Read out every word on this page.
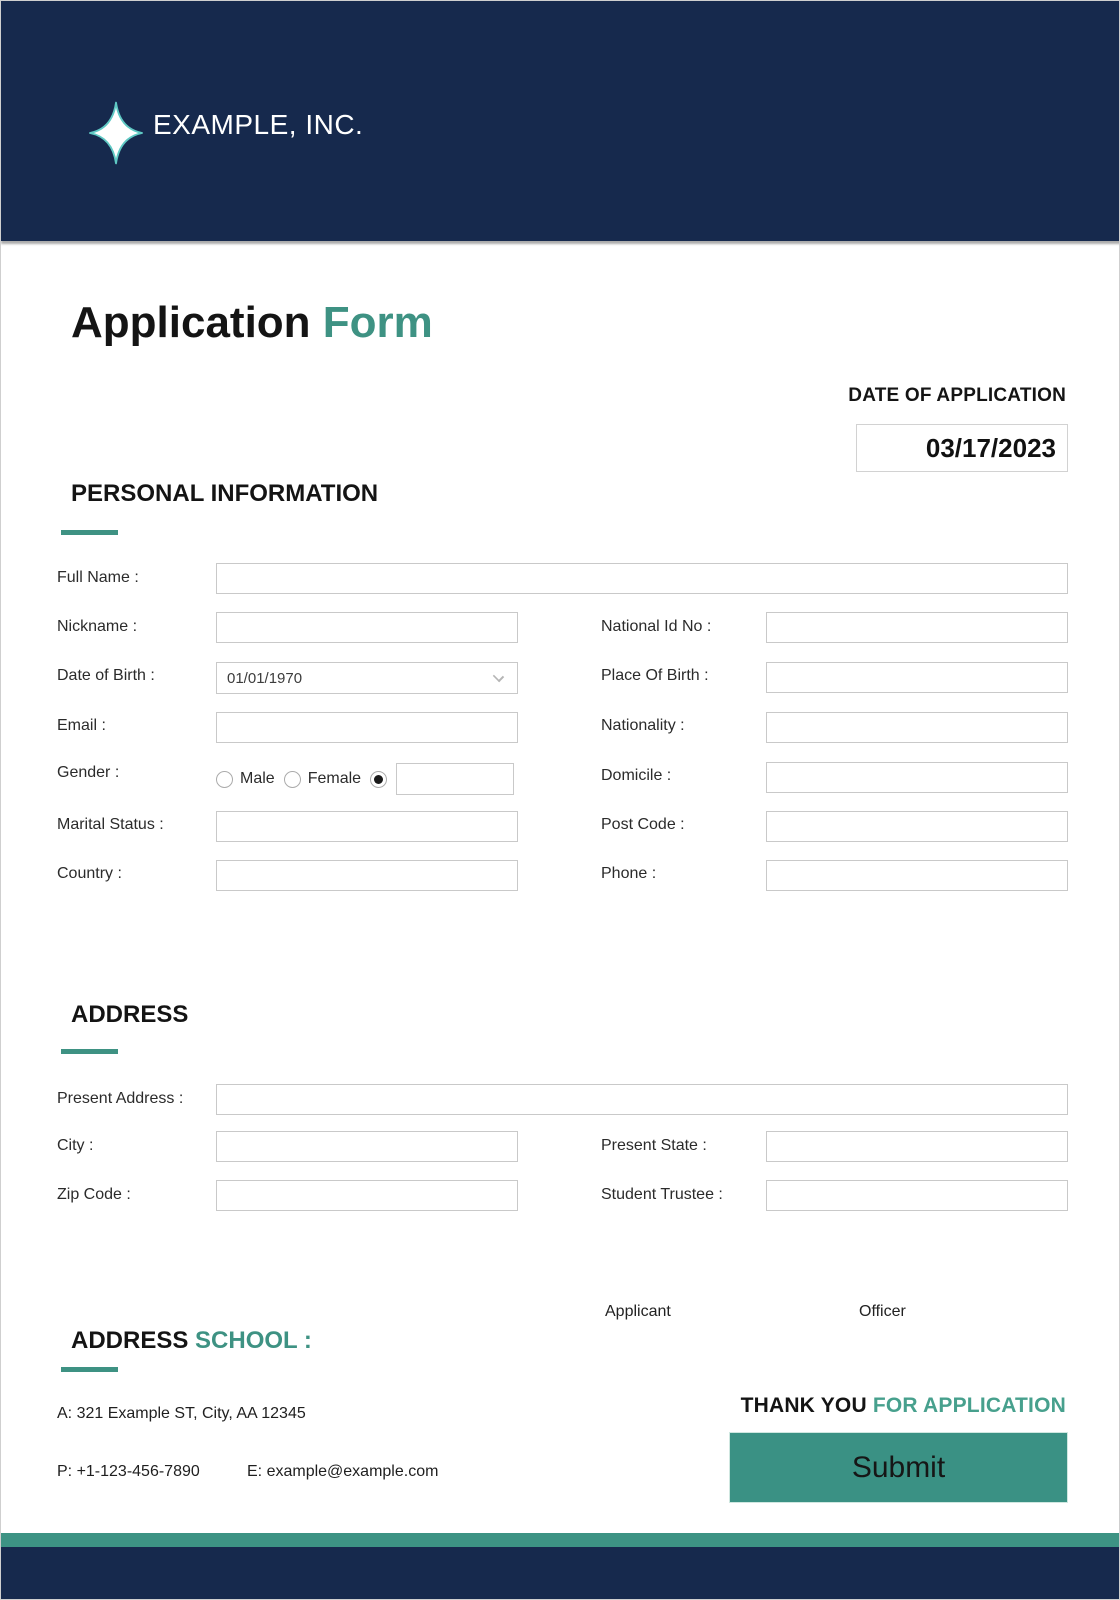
EXAMPLE, INC.
Application Form
DATE OF APPLICATION
03/17/2023
PERSONAL INFORMATION
Full Name :
Nickname :	National Id No :
Date of Birth :	01/01/1970	Place Of Birth :
Email :	Nationality :
Gender :	Male Female	Domicile :
Marital Status :	Post Code :
Country :	Phone :
ADDRESS
Present Address :
City :	Present State :
Zip Code :	Student Trustee :
Applicant	Officer
ADDRESS SCHOOL :
A: 321 Example ST, City, AA 12345
P: +1-123-456-7890	E: example@example.com
THANK YOU FOR APPLICATION
Submit
